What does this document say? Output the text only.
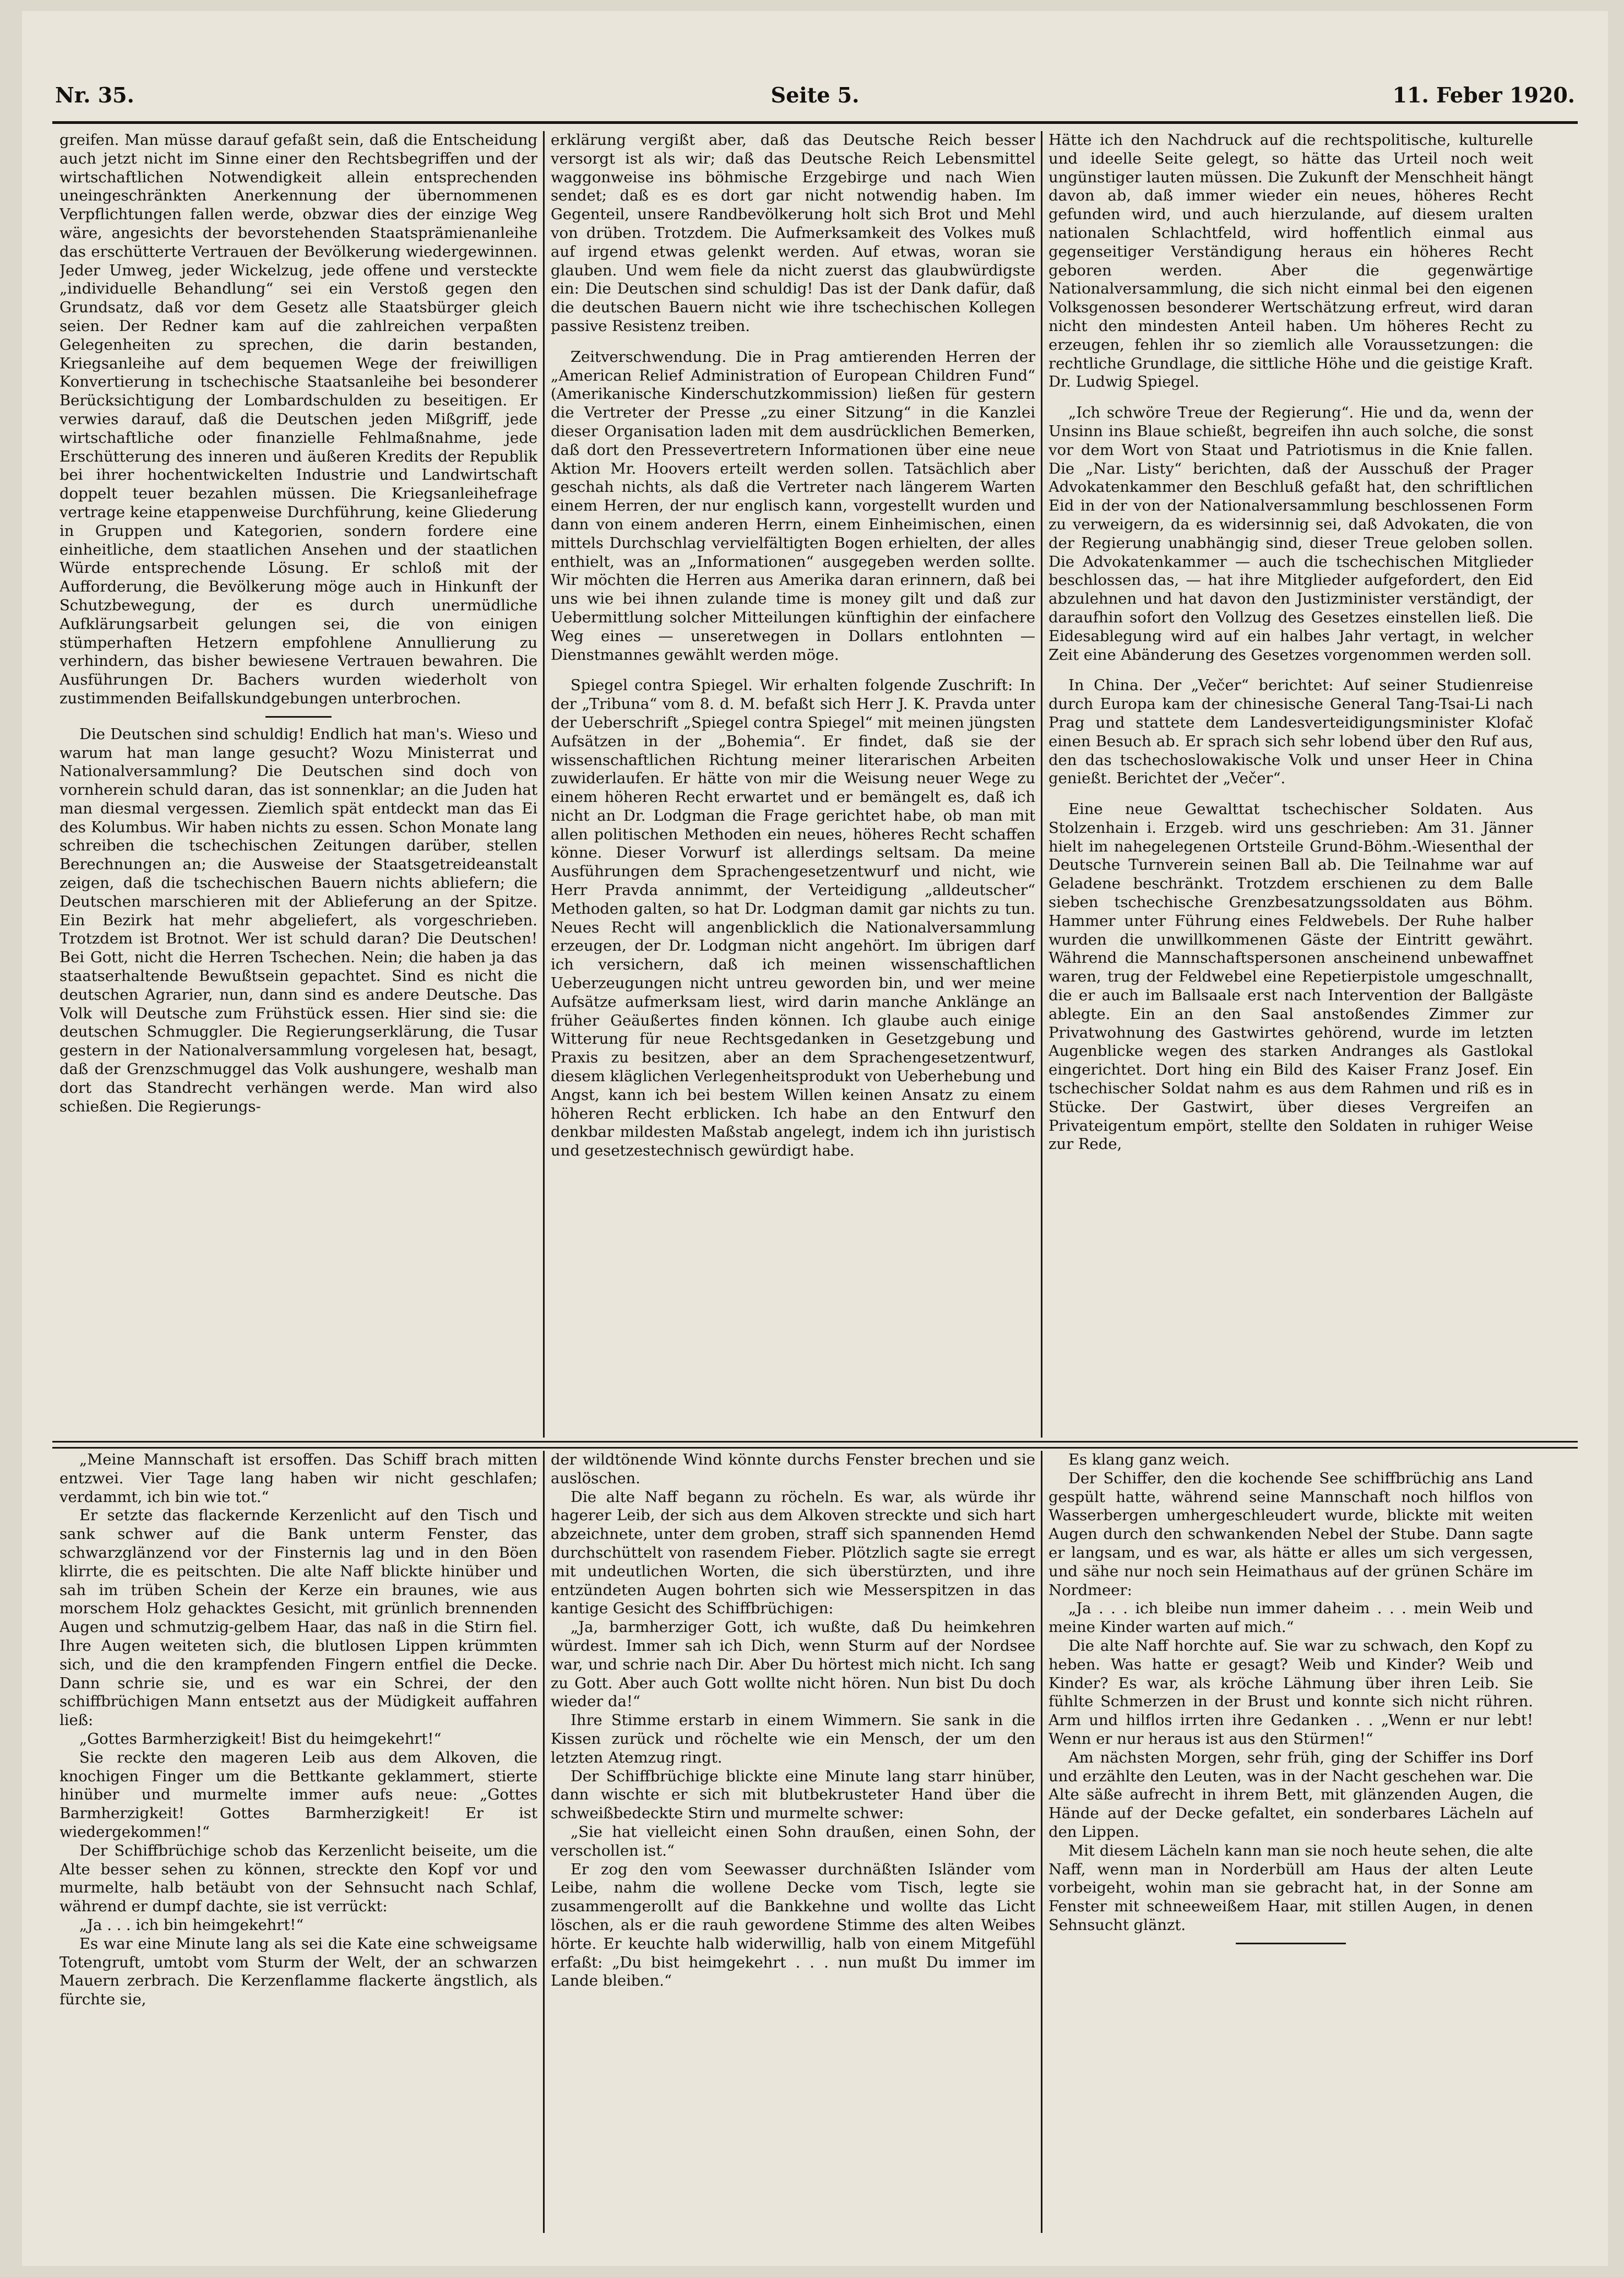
Nr. 35.	Seite 5.	11. Feber 1920.

greifen. Man müsse darauf gefaßt sein, daß die Entscheidung auch jetzt nicht im Sinne einer den Rechtsbegriffen und der wirtschaftlichen Notwendigkeit allein entsprechenden uneingeschränkten Anerkennung der übernommenen Verpflichtungen fallen werde, obzwar dies der einzige Weg wäre, angesichts der bevorstehenden Staatsprämienanleihe das erschütterte Vertrauen der Bevölkerung wiedergewinnen. Jeder Umweg, jeder Wickelzug, jede offene und versteckte „individuelle Behandlung“ sei ein Verstoß gegen den Grundsatz, daß vor dem Gesetz alle Staatsbürger gleich seien. Der Redner kam auf die zahlreichen verpaßten Gelegenheiten zu sprechen, die darin bestanden, Kriegsanleihe auf dem bequemen Wege der freiwilligen Konvertierung in tschechische Staatsanleihe bei besonderer Berücksichtigung der Lombardschulden zu beseitigen. Er verwies darauf, daß die Deutschen jeden Mißgriff, jede wirtschaftliche oder finanzielle Fehlmaßnahme, jede Erschütterung des inneren und äußeren Kredits der Republik bei ihrer hochentwickelten Industrie und Landwirtschaft doppelt teuer bezahlen müssen. Die Kriegsanleihefrage vertrage keine etappenweise Durchführung, keine Gliederung in Gruppen und Kategorien, sondern fordere eine einheitliche, dem staatlichen Ansehen und der staatlichen Würde entsprechende Lösung. Er schloß mit der Aufforderung, die Bevölkerung möge auch in Hinkunft der Schutzbewegung, der es durch unermüdliche Aufklärungsarbeit gelungen sei, die von einigen stümperhaften Hetzern empfohlene Annullierung zu verhindern, das bisher bewiesene Vertrauen bewahren. Die Ausführungen Dr. Bachers wurden wiederholt von zustimmenden Beifallskundgebungen unterbrochen.

Die Deutschen sind schuldig! Endlich hat man's. Wieso und warum hat man lange gesucht? Wozu Ministerrat und Nationalversammlung? Die Deutschen sind doch von vornherein schuld daran, das ist sonnenklar; an die Juden hat man diesmal vergessen. Ziemlich spät entdeckt man das Ei des Kolumbus. Wir haben nichts zu essen. Schon Monate lang schreiben die tschechischen Zeitungen darüber, stellen Berechnungen an; die Ausweise der Staatsgetreideanstalt zeigen, daß die tschechischen Bauern nichts abliefern; die Deutschen marschieren mit der Ablieferung an der Spitze. Ein Bezirk hat mehr abgeliefert, als vorgeschrieben. Trotzdem ist Brotnot. Wer ist schuld daran? Die Deutschen! Bei Gott, nicht die Herren Tschechen. Nein; die haben ja das staatserhaltende Bewußtsein gepachtet. Sind es nicht die deutschen Agrarier, nun, dann sind es andere Deutsche. Das Volk will Deutsche zum Frühstück essen. Hier sind sie: die deutschen Schmuggler. Die Regierungserklärung, die Tusar gestern in der Nationalversammlung vorgelesen hat, besagt, daß der Grenzschmuggel das Volk aushungere, weshalb man dort das Standrecht verhängen werde. Man wird also schießen. Die Regierungs-

erklärung vergißt aber, daß das Deutsche Reich besser versorgt ist als wir; daß das Deutsche Reich Lebensmittel waggonweise ins böhmische Erzgebirge und nach Wien sendet; daß es es dort gar nicht notwendig haben. Im Gegenteil, unsere Randbevölkerung holt sich Brot und Mehl von drüben. Trotzdem. Die Aufmerksamkeit des Volkes muß auf irgend etwas gelenkt werden. Auf etwas, woran sie glauben. Und wem fiele da nicht zuerst das glaubwürdigste ein: Die Deutschen sind schuldig! Das ist der Dank dafür, daß die deutschen Bauern nicht wie ihre tschechischen Kollegen passive Resistenz treiben.

Zeitverschwendung. Die in Prag amtierenden Herren der „American Relief Administration of European Children Fund“ (Amerikanische Kinderschutzkommission) ließen für gestern die Vertreter der Presse „zu einer Sitzung“ in die Kanzlei dieser Organisation laden mit dem ausdrücklichen Bemerken, daß dort den Pressevertretern Informationen über eine neue Aktion Mr. Hoovers erteilt werden sollen. Tatsächlich aber geschah nichts, als daß die Vertreter nach längerem Warten einem Herren, der nur englisch kann, vorgestellt wurden und dann von einem anderen Herrn, einem Einheimischen, einen mittels Durchschlag vervielfältigten Bogen erhielten, der alles enthielt, was an „Informationen“ ausgegeben werden sollte. Wir möchten die Herren aus Amerika daran erinnern, daß bei uns wie bei ihnen zulande time is money gilt und daß zur Uebermittlung solcher Mitteilungen künftighin der einfachere Weg eines — unseretwegen in Dollars entlohnten — Dienstmannes gewählt werden möge.

Spiegel contra Spiegel. Wir erhalten folgende Zuschrift: In der „Tribuna“ vom 8. d. M. befaßt sich Herr J. K. Pravda unter der Ueberschrift „Spiegel contra Spiegel“ mit meinen jüngsten Aufsätzen in der „Bohemia“. Er findet, daß sie der wissenschaftlichen Richtung meiner literarischen Arbeiten zuwiderlaufen. Er hätte von mir die Weisung neuer Wege zu einem höheren Recht erwartet und er bemängelt es, daß ich nicht an Dr. Lodgman die Frage gerichtet habe, ob man mit allen politischen Methoden ein neues, höheres Recht schaffen könne. Dieser Vorwurf ist allerdings seltsam. Da meine Ausführungen dem Sprachengesetzentwurf und nicht, wie Herr Pravda annimmt, der Verteidigung „alldeutscher“ Methoden galten, so hat Dr. Lodgman damit gar nichts zu tun. Neues Recht will angenblicklich die Nationalversammlung erzeugen, der Dr. Lodgman nicht angehört. Im übrigen darf ich versichern, daß ich meinen wissenschaftlichen Ueberzeugungen nicht untreu geworden bin, und wer meine Aufsätze aufmerksam liest, wird darin manche Anklänge an früher Geäußertes finden können. Ich glaube auch einige Witterung für neue Rechtsgedanken in Gesetzgebung und Praxis zu besitzen, aber an dem Sprachengesetzentwurf, diesem kläglichen Verlegenheitsprodukt von Ueberhebung und Angst, kann ich bei bestem Willen keinen Ansatz zu einem höheren Recht erblicken. Ich habe an den Entwurf den denkbar mildesten Maßstab angelegt, indem ich ihn juristisch und gesetzestechnisch gewürdigt habe.

Hätte ich den Nachdruck auf die rechtspolitische, kulturelle und ideelle Seite gelegt, so hätte das Urteil noch weit ungünstiger lauten müssen. Die Zukunft der Menschheit hängt davon ab, daß immer wieder ein neues, höheres Recht gefunden wird, und auch hierzulande, auf diesem uralten nationalen Schlachtfeld, wird hoffentlich einmal aus gegenseitiger Verständigung heraus ein höheres Recht geboren werden. Aber die gegenwärtige Nationalversammlung, die sich nicht einmal bei den eigenen Volksgenossen besonderer Wertschätzung erfreut, wird daran nicht den mindesten Anteil haben. Um höheres Recht zu erzeugen, fehlen ihr so ziemlich alle Voraussetzungen: die rechtliche Grundlage, die sittliche Höhe und die geistige Kraft. Dr. Ludwig Spiegel.

„Ich schwöre Treue der Regierung“. Hie und da, wenn der Unsinn ins Blaue schießt, begreifen ihn auch solche, die sonst vor dem Wort von Staat und Patriotismus in die Knie fallen. Die „Nar. Listy“ berichten, daß der Ausschuß der Prager Advokatenkammer den Beschluß gefaßt hat, den schriftlichen Eid in der von der Nationalversammlung beschlossenen Form zu verweigern, da es widersinnig sei, daß Advokaten, die von der Regierung unabhängig sind, dieser Treue geloben sollen. Die Advokatenkammer — auch die tschechischen Mitglieder beschlossen das, — hat ihre Mitglieder aufgefordert, den Eid abzulehnen und hat davon den Justizminister verständigt, der daraufhin sofort den Vollzug des Gesetzes einstellen ließ. Die Eidesablegung wird auf ein halbes Jahr vertagt, in welcher Zeit eine Abänderung des Gesetzes vorgenommen werden soll.

In China. Der „Večer“ berichtet: Auf seiner Studienreise durch Europa kam der chinesische General Tang-Tsai-Li nach Prag und stattete dem Landesverteidigungsminister Klofač einen Besuch ab. Er sprach sich sehr lobend über den Ruf aus, den das tschechoslowakische Volk und unser Heer in China genießt. Berichtet der „Večer“.

Eine neue Gewalttat tschechischer Soldaten. Aus Stolzenhain i. Erzgeb. wird uns geschrieben: Am 31. Jänner hielt im nahegelegenen Ortsteile Grund-Böhm.-Wiesenthal der Deutsche Turnverein seinen Ball ab. Die Teilnahme war auf Geladene beschränkt. Trotzdem erschienen zu dem Balle sieben tschechische Grenzbesatzungssoldaten aus Böhm. Hammer unter Führung eines Feldwebels. Der Ruhe halber wurden die unwillkommenen Gäste der Eintritt gewährt. Während die Mannschaftspersonen anscheinend unbewaffnet waren, trug der Feldwebel eine Repetierpistole umgeschnallt, die er auch im Ballsaale erst nach Intervention der Ballgäste ablegte. Ein an den Saal anstoßendes Zimmer zur Privatwohnung des Gastwirtes gehörend, wurde im letzten Augenblicke wegen des starken Andranges als Gastlokal eingerichtet. Dort hing ein Bild des Kaiser Franz Josef. Ein tschechischer Soldat nahm es aus dem Rahmen und riß es in Stücke. Der Gastwirt, über dieses Vergreifen an Privateigentum empört, stellte den Soldaten in ruhiger Weise zur Rede,

„Meine Mannschaft ist ersoffen. Das Schiff brach mitten entzwei. Vier Tage lang haben wir nicht geschlafen; verdammt, ich bin wie tot.“

Er setzte das flackernde Kerzenlicht auf den Tisch und sank schwer auf die Bank unterm Fenster, das schwarzglänzend vor der Finsternis lag und in den Böen klirrte, die es peitschten. Die alte Naff blickte hinüber und sah im trüben Schein der Kerze ein braunes, wie aus morschem Holz gehacktes Gesicht, mit grünlich brennenden Augen und schmutzig-gelbem Haar, das naß in die Stirn fiel. Ihre Augen weiteten sich, die blutlosen Lippen krümmten sich, und die den krampfenden Fingern entfiel die Decke. Dann schrie sie, und es war ein Schrei, der den schiffbrüchigen Mann entsetzt aus der Müdigkeit auffahren ließ:

„Gottes Barmherzigkeit! Bist du heimgekehrt!“

Sie reckte den mageren Leib aus dem Alkoven, die knochigen Finger um die Bettkante geklammert, stierte hinüber und murmelte immer aufs neue: „Gottes Barmherzigkeit! Gottes Barmherzigkeit! Er ist wiedergekommen!“

Der Schiffbrüchige schob das Kerzenlicht beiseite, um die Alte besser sehen zu können, streckte den Kopf vor und murmelte, halb betäubt von der Sehnsucht nach Schlaf, während er dumpf dachte, sie ist verrückt:

„Ja . . . ich bin heimgekehrt!“

Es war eine Minute lang als sei die Kate eine schweigsame Totengruft, umtobt vom Sturm der Welt, der an schwarzen Mauern zerbrach. Die Kerzenflamme flackerte ängstlich, als fürchte sie,

der wildtönende Wind könnte durchs Fenster brechen und sie auslöschen.

Die alte Naff begann zu röcheln. Es war, als würde ihr hagerer Leib, der sich aus dem Alkoven streckte und sich hart abzeichnete, unter dem groben, straff sich spannenden Hemd durchschüttelt von rasendem Fieber. Plötzlich sagte sie erregt mit undeutlichen Worten, die sich überstürzten, und ihre entzündeten Augen bohrten sich wie Messerspitzen in das kantige Gesicht des Schiffbrüchigen:

„Ja, barmherziger Gott, ich wußte, daß Du heimkehren würdest. Immer sah ich Dich, wenn Sturm auf der Nordsee war, und schrie nach Dir. Aber Du hörtest mich nicht. Ich sang zu Gott. Aber auch Gott wollte nicht hören. Nun bist Du doch wieder da!“

Ihre Stimme erstarb in einem Wimmern. Sie sank in die Kissen zurück und röchelte wie ein Mensch, der um den letzten Atemzug ringt.

Der Schiffbrüchige blickte eine Minute lang starr hinüber, dann wischte er sich mit blutbekrusteter Hand über die schweißbedeckte Stirn und murmelte schwer:

„Sie hat vielleicht einen Sohn draußen, einen Sohn, der verschollen ist.“

Er zog den vom Seewasser durchnäßten Isländer vom Leibe, nahm die wollene Decke vom Tisch, legte sie zusammengerollt auf die Bankkehne und wollte das Licht löschen, als er die rauh gewordene Stimme des alten Weibes hörte. Er keuchte halb widerwillig, halb von einem Mitgefühl erfaßt: „Du bist heimgekehrt . . . nun mußt Du immer im Lande bleiben.“

Es klang ganz weich.

Der Schiffer, den die kochende See schiffbrüchig ans Land gespült hatte, während seine Mannschaft noch hilflos von Wasserbergen umhergeschleudert wurde, blickte mit weiten Augen durch den schwankenden Nebel der Stube. Dann sagte er langsam, und es war, als hätte er alles um sich vergessen, und sähe nur noch sein Heimathaus auf der grünen Schäre im Nordmeer:

„Ja . . . ich bleibe nun immer daheim . . . mein Weib und meine Kinder warten auf mich.“

Die alte Naff horchte auf. Sie war zu schwach, den Kopf zu heben. Was hatte er gesagt? Weib und Kinder? Weib und Kinder? Es war, als kröche Lähmung über ihren Leib. Sie fühlte Schmerzen in der Brust und konnte sich nicht rühren. Arm und hilflos irrten ihre Gedanken . . „Wenn er nur lebt! Wenn er nur heraus ist aus den Stürmen!“

Am nächsten Morgen, sehr früh, ging der Schiffer ins Dorf und erzählte den Leuten, was in der Nacht geschehen war. Die Alte säße aufrecht in ihrem Bett, mit glänzenden Augen, die Hände auf der Decke gefaltet, ein sonderbares Lächeln auf den Lippen.

Mit diesem Lächeln kann man sie noch heute sehen, die alte Naff, wenn man in Norderbüll am Haus der alten Leute vorbeigeht, wohin man sie gebracht hat, in der Sonne am Fenster mit schneeweißem Haar, mit stillen Augen, in denen Sehnsucht glänzt.
